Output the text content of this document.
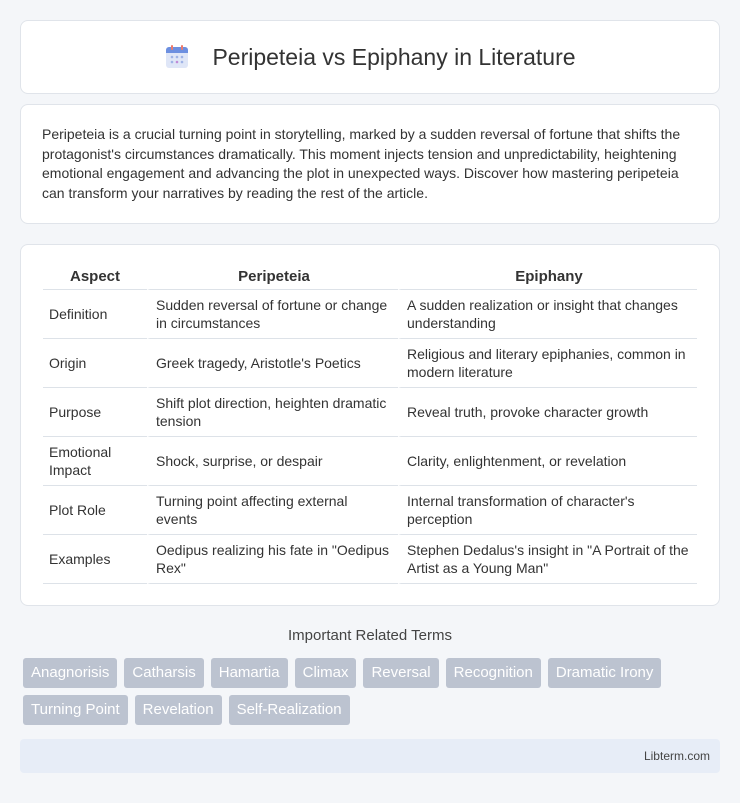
Peripeteia vs Epiphany in Literature

Peripeteia is a crucial turning point in storytelling, marked by a sudden reversal of fortune that shifts the protagonist's circumstances dramatically. This moment injects tension and unpredictability, heightening emotional engagement and advancing the plot in unexpected ways. Discover how mastering peripeteia can transform your narratives by reading the rest of the article.

Aspect	Peripeteia	Epiphany
Definition	Sudden reversal of fortune or change in circumstances	A sudden realization or insight that changes understanding
Origin	Greek tragedy, Aristotle's Poetics	Religious and literary epiphanies, common in modern literature
Purpose	Shift plot direction, heighten dramatic tension	Reveal truth, provoke character growth
Emotional Impact	Shock, surprise, or despair	Clarity, enlightenment, or revelation
Plot Role	Turning point affecting external events	Internal transformation of character's perception
Examples	Oedipus realizing his fate in "Oedipus Rex"	Stephen Dedalus's insight in "A Portrait of the Artist as a Young Man"
Important Related Terms
Anagnorisis	Catharsis	Hamartia	Climax	Reversal	Recognition	Dramatic Irony
Turning Point	Revelation	Self-Realization
Libterm.com
